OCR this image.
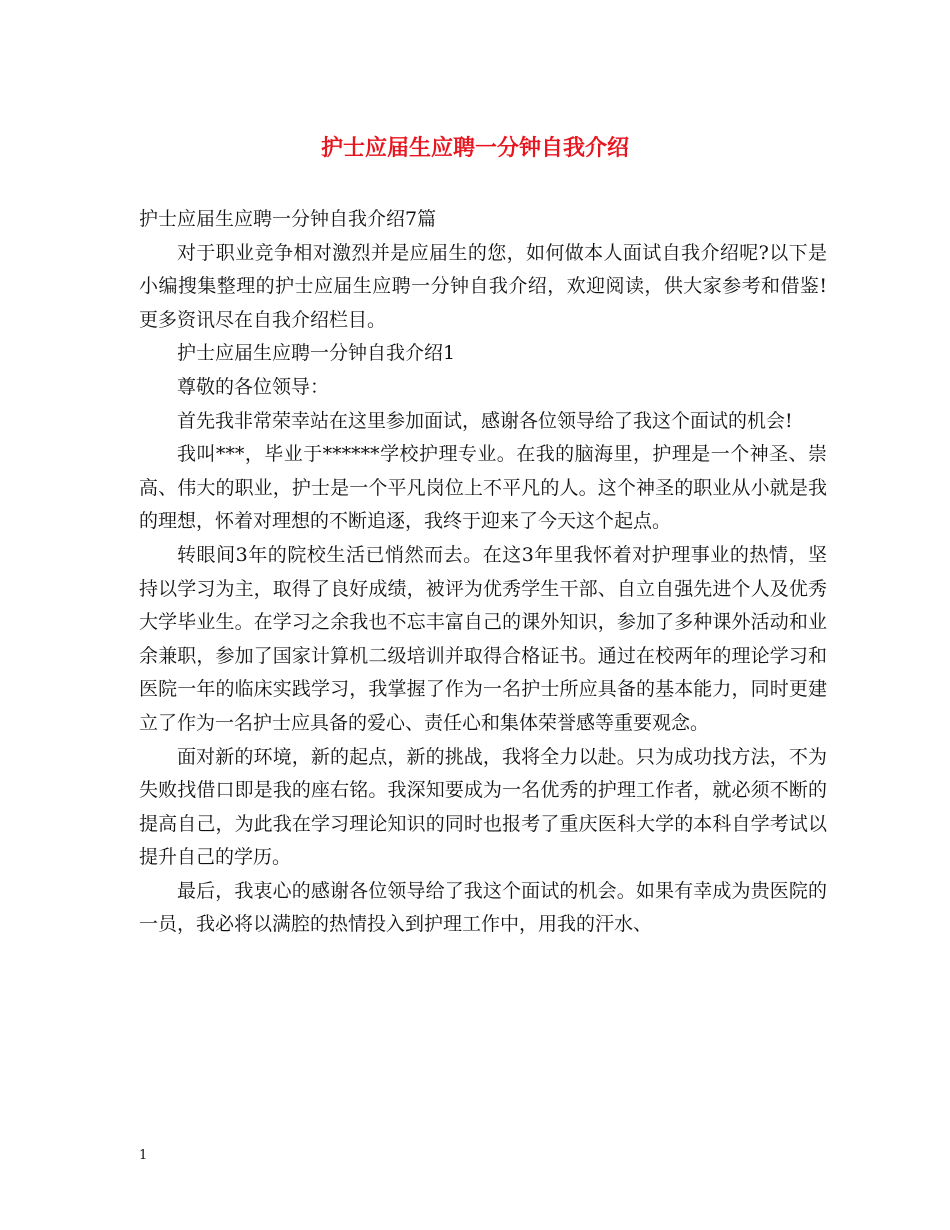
护士应届生应聘一分钟自我介绍

护士应届生应聘一分钟自我介绍7篇

对于职业竞争相对激烈并是应届生的您，如何做本人面试自我介绍呢?以下是小编搜集整理的护士应届生应聘一分钟自我介绍，欢迎阅读，供大家参考和借鉴!更多资讯尽在自我介绍栏目。

护士应届生应聘一分钟自我介绍1

尊敬的各位领导：

首先我非常荣幸站在这里参加面试，感谢各位领导给了我这个面试的机会!

我叫***，毕业于******学校护理专业。在我的脑海里，护理是一个神圣、崇高、伟大的职业，护士是一个平凡岗位上不平凡的人。这个神圣的职业从小就是我的理想，怀着对理想的不断追逐，我终于迎来了今天这个起点。

转眼间3年的院校生活已悄然而去。在这3年里我怀着对护理事业的热情，坚持以学习为主，取得了良好成绩，被评为优秀学生干部、自立自强先进个人及优秀大学毕业生。在学习之余我也不忘丰富自己的课外知识，参加了多种课外活动和业余兼职，参加了国家计算机二级培训并取得合格证书。通过在校两年的理论学习和医院一年的临床实践学习，我掌握了作为一名护士所应具备的基本能力，同时更建立了作为一名护士应具备的爱心、责任心和集体荣誉感等重要观念。

面对新的环境，新的起点，新的挑战，我将全力以赴。只为成功找方法，不为失败找借口即是我的座右铭。我深知要成为一名优秀的护理工作者，就必须不断的提高自己，为此我在学习理论知识的同时也报考了重庆医科大学的本科自学考试以提升自己的学历。

最后，我衷心的感谢各位领导给了我这个面试的机会。如果有幸成为贵医院的一员，我必将以满腔的热情投入到护理工作中，用我的汗水、

1
